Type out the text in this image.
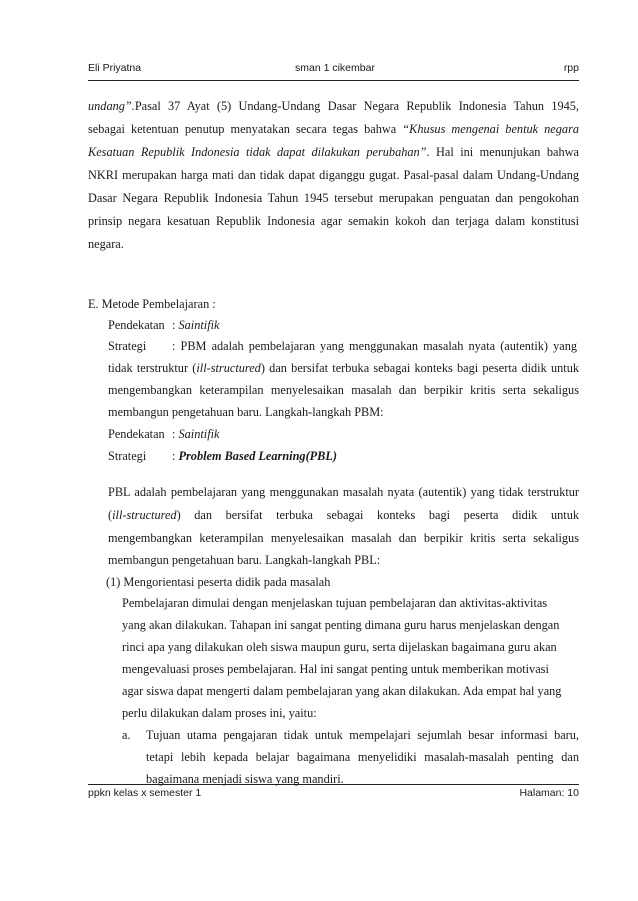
Eli Priyatna	sman 1 cikembar	rpp
undang”.Pasal 37 Ayat (5) Undang-Undang Dasar Negara Republik Indonesia Tahun 1945,
sebagai ketentuan penutup menyatakan secara tegas bahwa “Khusus mengenai bentuk negara
Kesatuan Republik Indonesia tidak dapat dilakukan perubahan”. Hal ini menunjukan bahwa
NKRI merupakan harga mati dan tidak dapat diganggu gugat. Pasal-pasal dalam Undang-Undang
Dasar Negara Republik Indonesia Tahun 1945 tersebut merupakan penguatan dan pengokohan
prinsip negara kesatuan Republik Indonesia agar semakin kokoh dan terjaga dalam konstitusi
negara.
E. Metode Pembelajaran :
Pendekatan : Saintifik
Strategi : PBM adalah pembelajaran yang menggunakan masalah nyata (autentik) yang
tidak terstruktur (ill-structured) dan bersifat terbuka sebagai konteks bagi peserta didik untuk
mengembangkan keterampilan menyelesaikan masalah dan berpikir kritis serta sekaligus
membangun pengetahuan baru. Langkah-langkah PBM:
Pendekatan : Saintifik
Strategi : Problem Based Learning(PBL)
PBL adalah pembelajaran yang menggunakan masalah nyata (autentik) yang tidak terstruktur
(ill-structured) dan bersifat terbuka sebagai konteks bagi peserta didik untuk
mengembangkan keterampilan menyelesaikan masalah dan berpikir kritis serta sekaligus
membangun pengetahuan baru. Langkah-langkah PBL:
(1) Mengorientasi peserta didik pada masalah
Pembelajaran dimulai dengan menjelaskan tujuan pembelajaran dan aktivitas-aktivitas
yang akan dilakukan. Tahapan ini sangat penting dimana guru harus menjelaskan dengan
rinci apa yang dilakukan oleh siswa maupun guru, serta dijelaskan bagaimana guru akan
mengevaluasi proses pembelajaran. Hal ini sangat penting untuk memberikan motivasi
agar siswa dapat mengerti dalam pembelajaran yang akan dilakukan. Ada empat hal yang
perlu dilakukan dalam proses ini, yaitu:
a.	Tujuan utama pengajaran tidak untuk mempelajari sejumlah besar informasi baru,
tetapi lebih kepada belajar bagaimana menyelidiki masalah-masalah penting dan
bagaimana menjadi siswa yang mandiri.
ppkn kelas x semester 1	Halaman: 10
